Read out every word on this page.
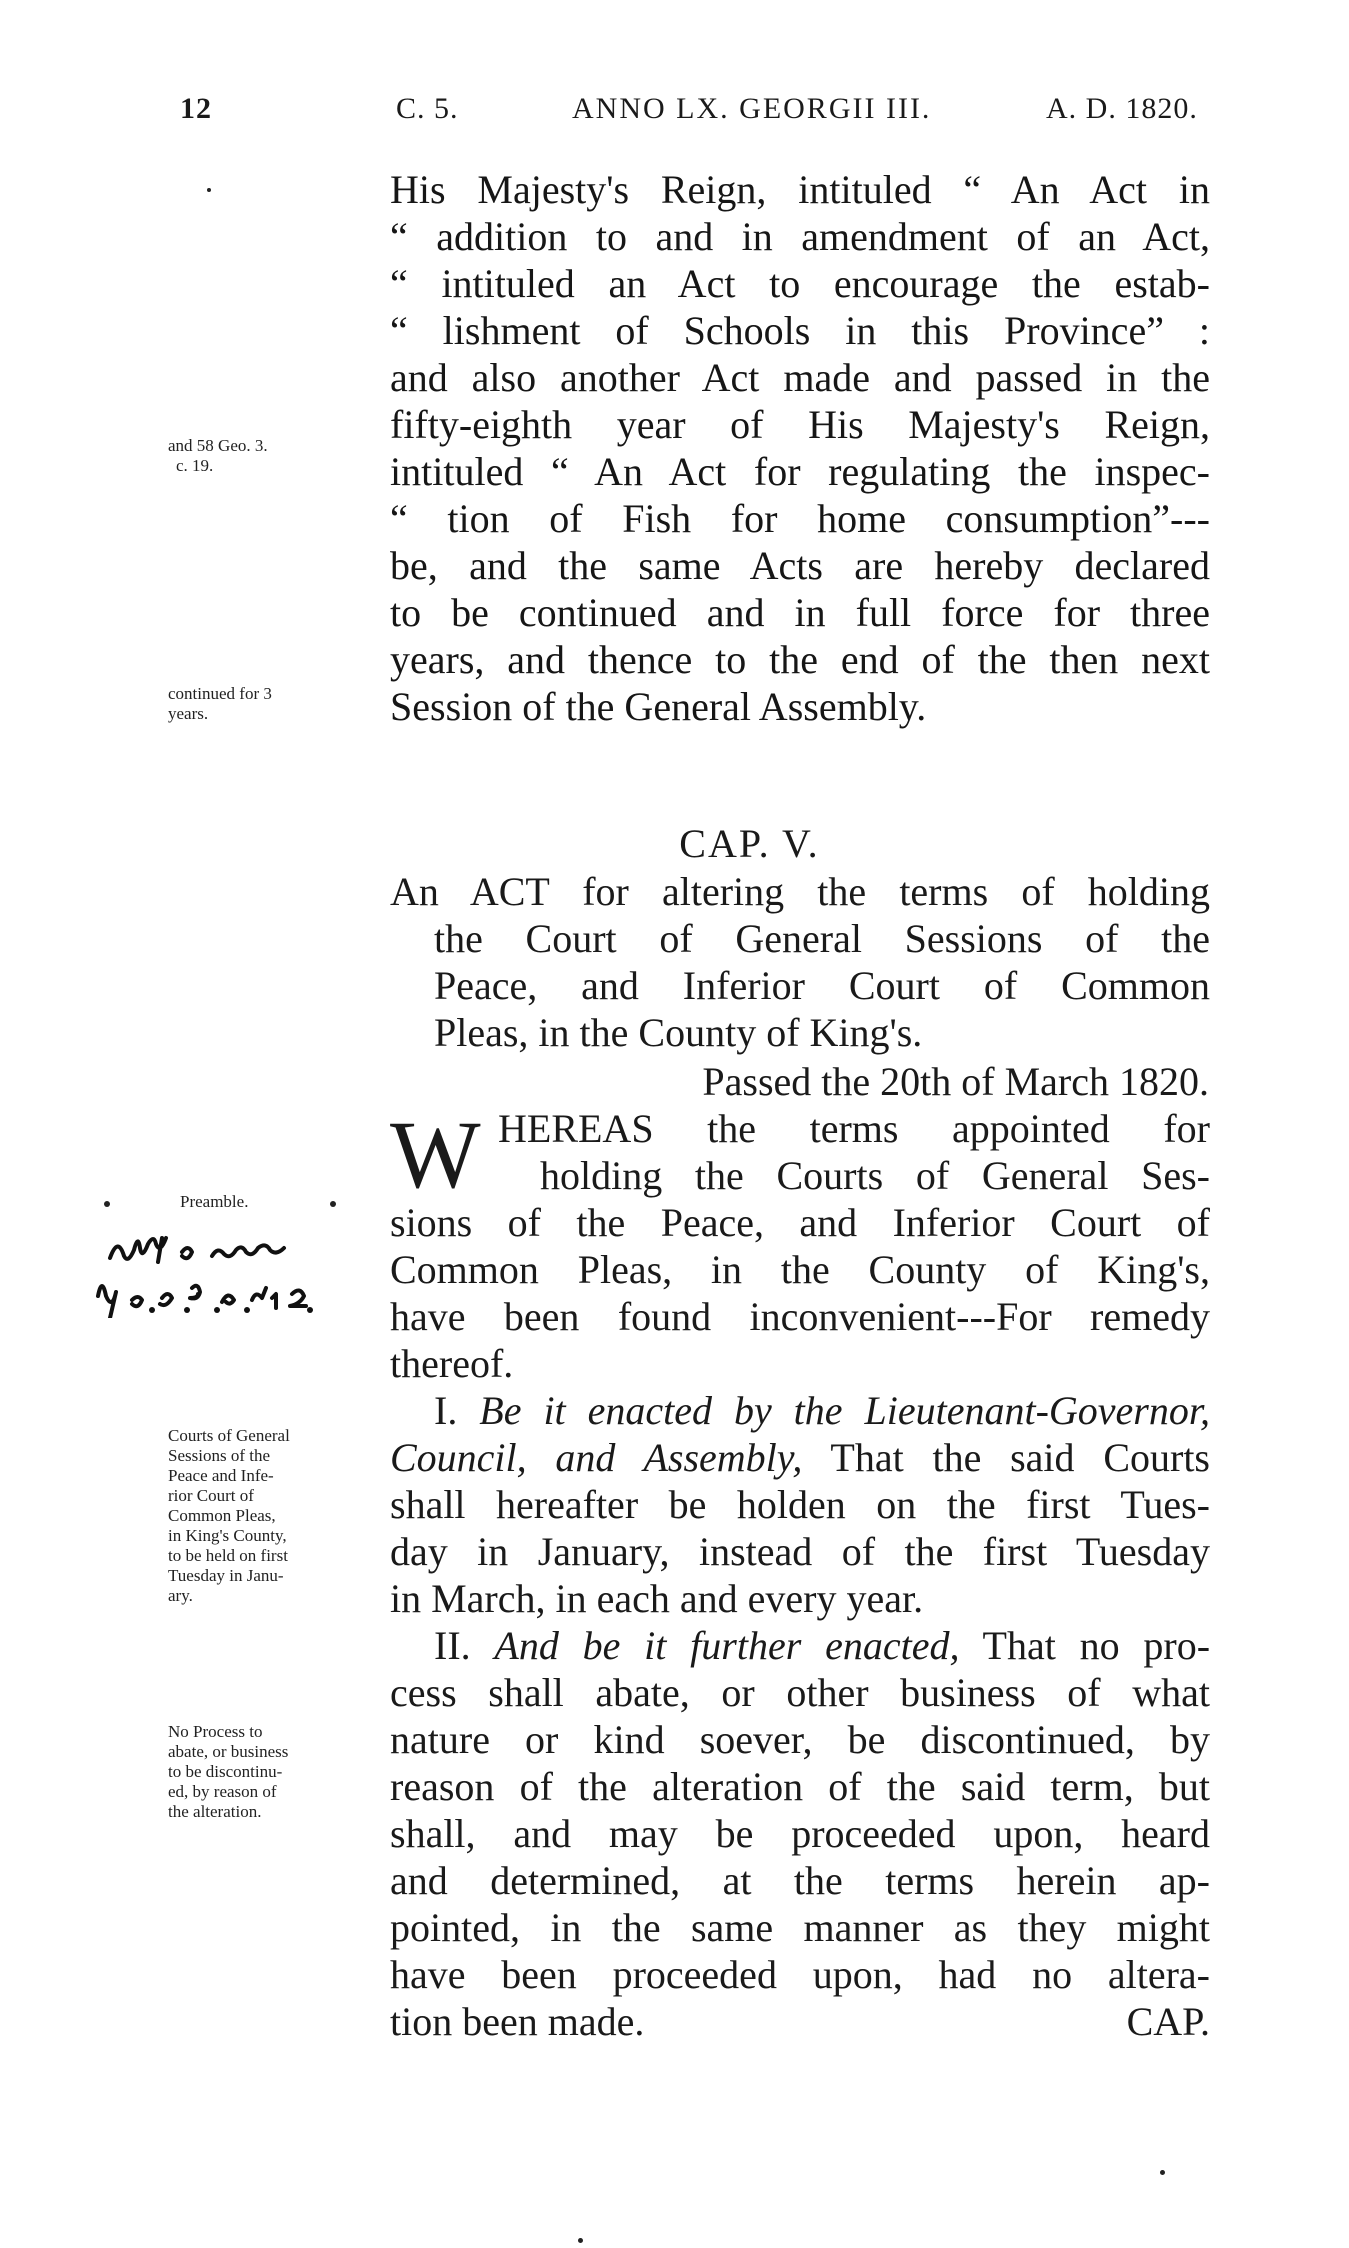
12	C. 5.	ANNO LX. GEORGII III.	A. D. 1820.
His Majesty's Reign, intituled “ An Act in
“ addition to and in amendment of an Act,
“ intituled an Act to encourage the estab-
“ lishment of Schools in this Province” :
and also another Act made and passed in the
fifty-eighth year of His Majesty's Reign,
intituled “ An Act for regulating the inspec-
“ tion of Fish for home consumption”---
be, and the same Acts are hereby declared
to be continued and in full force for three
years, and thence to the end of the then next
Session of the General Assembly.
CAP. V.
An ACT for altering the terms of holding
the Court of General Sessions of the
Peace, and Inferior Court of Common
Pleas, in the County of King's.
Passed the 20th of March 1820.
W HEREAS the terms appointed for
holding the Courts of General Ses-
sions of the Peace, and Inferior Court of
Common Pleas, in the County of King's,
have been found inconvenient---For remedy
thereof.
I. Be it enacted by the Lieutenant-Governor,
Council, and Assembly, That the said Courts
shall hereafter be holden on the first Tues-
day in January, instead of the first Tuesday
in March, in each and every year.
II. And be it further enacted, That no pro-
cess shall abate, or other business of what
nature or kind soever, be discontinued, by
reason of the alteration of the said term, but
shall, and may be proceeded upon, heard
and determined, at the terms herein ap-
pointed, in the same manner as they might
have been proceeded upon, had no altera-
tion been made.	CAP.
and 58 Geo. 3.
c. 19.
continued for 3
years.
Preamble.
Courts of General
Sessions of the
Peace and Infe-
rior Court of
Common Pleas,
in King's County,
to be held on first
Tuesday in Janu-
ary.
No Process to
abate, or business
to be discontinu-
ed, by reason of
the alteration.
